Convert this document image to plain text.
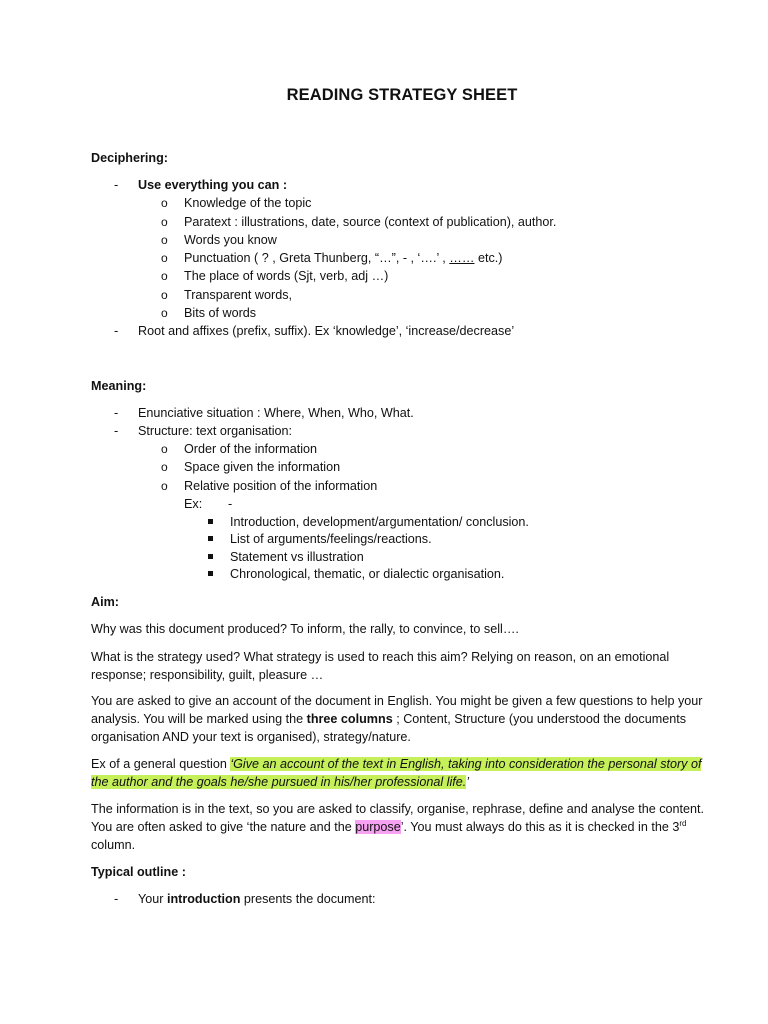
READING STRATEGY SHEET
Deciphering:
- Use everything you can :
o Knowledge of the topic
o Paratext : illustrations, date, source (context of publication), author.
o Words you know
o Punctuation ( ? , Greta Thunberg, “…”, - , ‘….’ , …… etc.)
o The place of words (Sjt, verb, adj …)
o Transparent words,
o Bits of words
- Root and affixes (prefix, suffix). Ex ‘knowledge’, ‘increase/decrease’
Meaning:
- Enunciative situation : Where, When, Who, What.
- Structure: text organisation:
o Order of the information
o Space given the information
o Relative position of the information
Ex: -
Introduction, development/argumentation/ conclusion.
List of arguments/feelings/reactions.
Statement vs illustration
Chronological, thematic, or dialectic organisation.
Aim:
Why was this document produced? To inform, the rally, to convince, to sell….
What is the strategy used? What strategy is used to reach this aim? Relying on reason, on an emotional response; responsibility, guilt, pleasure …
You are asked to give an account of the document in English. You might be given a few questions to help your analysis. You will be marked using the three columns ; Content, Structure (you understood the documents organisation AND your text is organised), strategy/nature.
Ex of a general question ‘Give an account of the text in English, taking into consideration the personal story of the author and the goals he/she pursued in his/her professional life.’
The information is in the text, so you are asked to classify, organise, rephrase, define and analyse the content. You are often asked to give ‘the nature and the purpose’. You must always do this as it is checked in the 3rd column.
Typical outline :
- Your introduction presents the document:
